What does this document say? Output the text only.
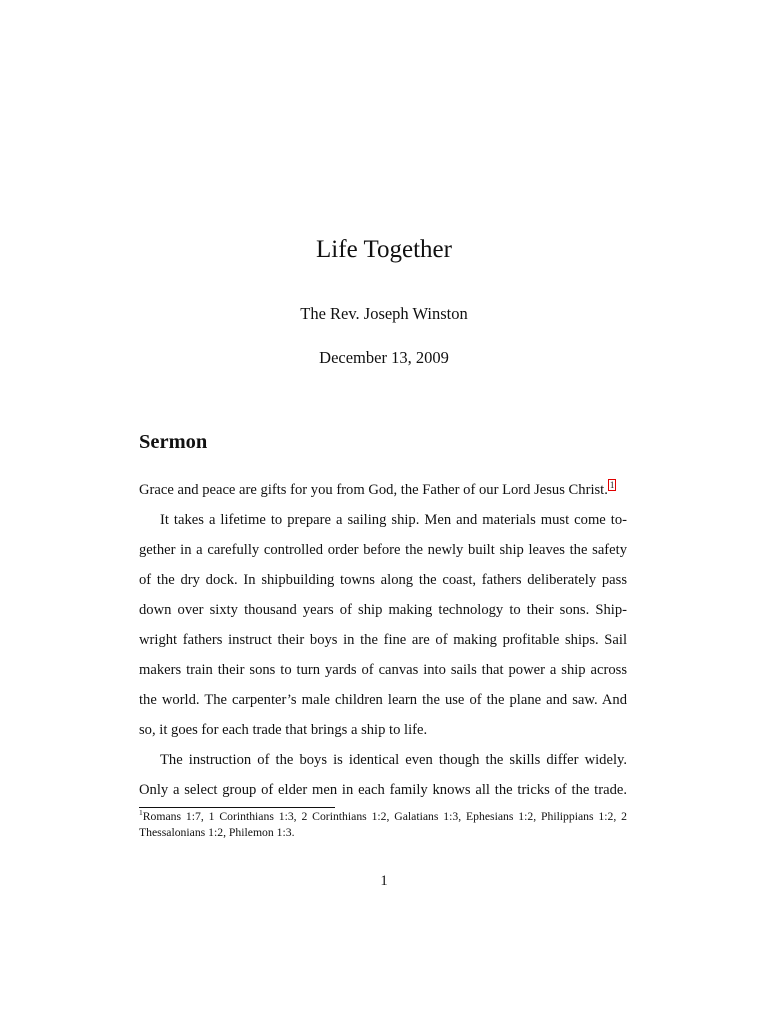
Life Together
The Rev. Joseph Winston
December 13, 2009
Sermon

Grace and peace are gifts for you from God, the Father of our Lord Jesus Christ. $^1$

It takes a lifetime to prepare a sailing ship. Men and materials must come to-
gether in a carefully controlled order before the newly built ship leaves the safety
of the dry dock. In shipbuilding towns along the coast, fathers deliberately pass
down over sixty thousand years of ship making technology to their sons. Ship-
wright fathers instruct their boys in the fine are of making profitable ships. Sail
makers train their sons to turn yards of canvas into sails that power a ship across
the world. The carpenter’s male children learn the use of the plane and saw. And
so, it goes for each trade that brings a ship to life.

The instruction of the boys is identical even though the skills differ widely.
Only a select group of elder men in each family knows all the tricks of the trade.

$^1$Romans 1:7, 1 Corinthians 1:3, 2 Corinthians 1:2, Galatians 1:3, Ephesians 1:2, Philippians 1:2, 2 Thessalonians 1:2, Philemon 1:3.
1
